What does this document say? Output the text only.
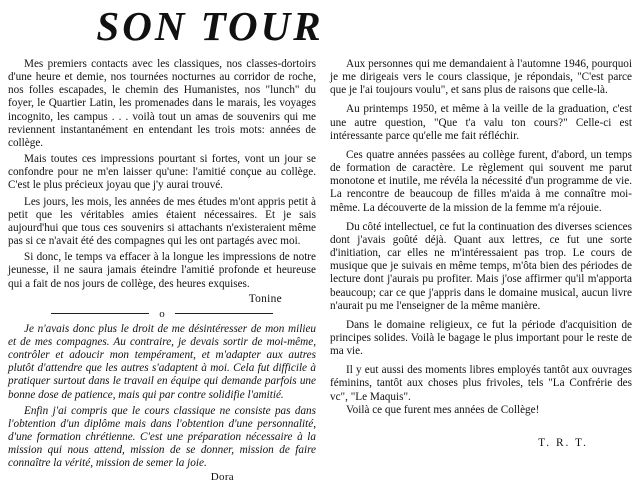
SON TOUR

Mes premiers contacts avec les classiques, nos classes-dortoirs d'une heure et demie, nos tournées nocturnes au corridor de roche, nos folles escapades, le chemin des Humanistes, nos "lunch" du foyer, le Quartier Latin, les promenades dans le marais, les voyages incognito, les campus . . . voilà tout un amas de souvenirs qui me reviennent instantanément en entendant les trois mots: années de collège.

Mais toutes ces impressions pourtant si fortes, vont un jour se confondre pour ne m'en laisser qu'une: l'amitié conçue au collège. C'est le plus précieux joyau que j'y aurai trouvé.

Les jours, les mois, les années de mes études m'ont appris petit à petit que les véritables amies étaient nécessaires. Et je sais aujourd'hui que tous ces souvenirs si attachants n'existeraient même pas si ce n'avait été des compagnes qui les ont partagés avec moi.

Si donc, le temps va effacer à la longue les impressions de notre jeunesse, il ne saura jamais éteindre l'amitié profonde et heureuse qui a fait de nos jours de collège, des heures exquises.

Tonine

o

Je n'avais donc plus le droit de me désintéresser de mon milieu et de mes compagnes. Au contraire, je devais sortir de moi-même, contrôler et adoucir mon tempérament, et m'adapter aux autres plutôt d'attendre que les autres s'adaptent à moi. Cela fut difficile à pratiquer surtout dans le travail en équipe qui demande parfois une bonne dose de patience, mais qui par contre solidifie l'amitié.

Enfin j'ai compris que le cours classique ne consiste pas dans l'obtention d'un diplôme mais dans l'obtention d'une personnalité, d'une formation chrétienne. C'est une préparation nécessaire à la mission qui nous attend, mission de se donner, mission de faire connaître la vérité, mission de semer la joie.

Dora

Aux personnes qui me demandaient à l'automne 1946, pourquoi je me dirigeais vers le cours classique, je répondais, "C'est parce que je l'ai toujours voulu", et sans plus de raisons que celle-là.

Au printemps 1950, et même à la veille de la graduation, c'est une autre question, "Que t'a valu ton cours?" Celle-ci est intéressante parce qu'elle me fait réfléchir.

Ces quatre années passées au collège furent, d'abord, un temps de formation de caractère. Le règlement qui souvent me parut monotone et inutile, me révéla la nécessité d'un programme de vie. La rencontre de beaucoup de filles m'aida à me connaître moi-même. La découverte de la mission de la femme m'a réjouie.

Du côté intellectuel, ce fut la continuation des diverses sciences dont j'avais goûté déjà. Quant aux lettres, ce fut une sorte d'initiation, car elles ne m'intéressaient pas trop. Le cours de musique que je suivais en même temps, m'ôta bien des périodes de lecture dont j'aurais pu profiter. Mais j'ose affirmer qu'il m'apporta beaucoup; car ce que j'appris dans le domaine musical, aucun livre n'aurait pu me l'enseigner de la même manière.

Dans le domaine religieux, ce fut la période d'acquisition de principes solides. Voilà le bagage le plus important pour le reste de ma vie.

Il y eut aussi des moments libres employés tantôt aux ouvrages féminins, tantôt aux choses plus frivoles, tels "La Confrérie des vc", "Le Maquis".

Voilà ce que furent mes années de Collège!

T. R. T.
